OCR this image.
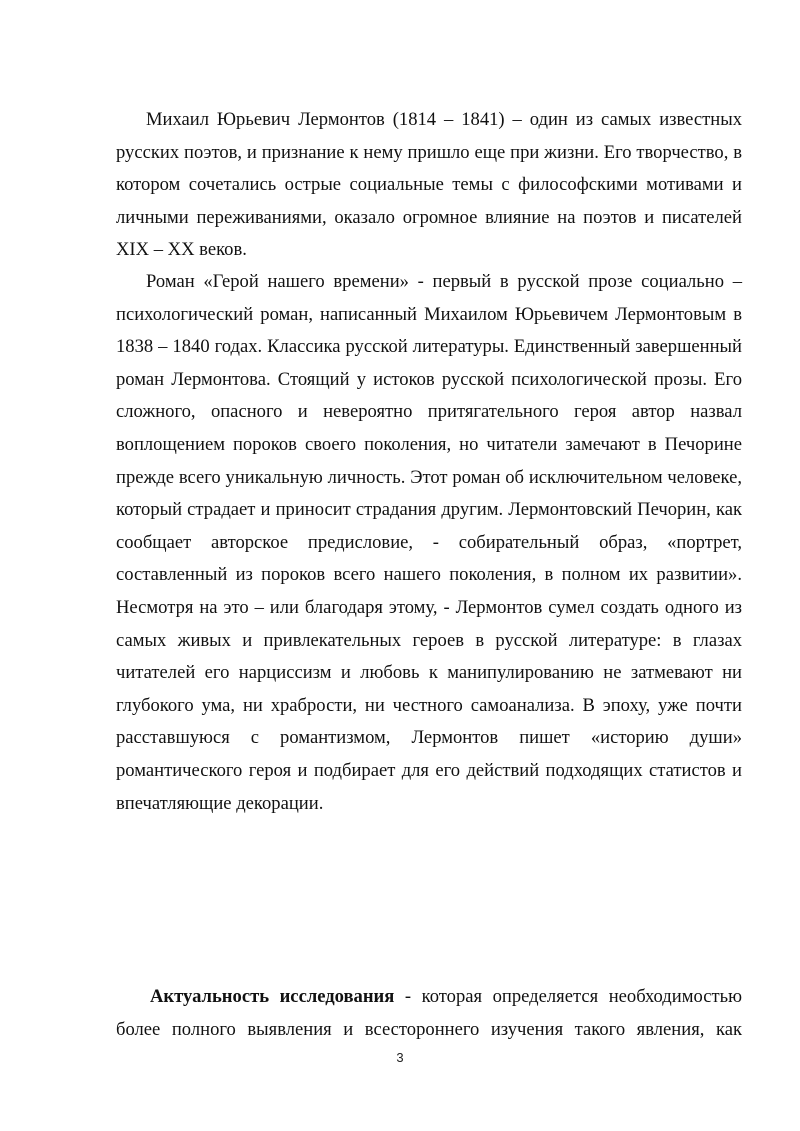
Михаил Юрьевич Лермонтов (1814 – 1841) – один из самых известных
русских поэтов, и признание к нему пришло еще при жизни. Его творчество, в
котором сочетались острые социальные темы с философскими мотивами и
личными переживаниями, оказало огромное влияние на поэтов и писателей
XIX – XX веков.
Роман «Герой нашего времени» - первый в русской прозе социально –
психологический роман, написанный Михаилом Юрьевичем Лермонтовым в
1838 – 1840 годах. Классика русской литературы. Единственный завершенный
роман Лермонтова. Стоящий у истоков русской психологической прозы. Его
сложного, опасного и невероятно притягательного героя автор назвал
воплощением пороков своего поколения, но читатели замечают в Печорине
прежде всего уникальную личность. Этот роман об исключительном человеке,
который страдает и приносит страдания другим. Лермонтовский Печорин, как
сообщает авторское предисловие, - собирательный образ, «портрет,
составленный из пороков всего нашего поколения, в полном их развитии».
Несмотря на это – или благодаря этому, - Лермонтов сумел создать одного из
самых живых и привлекательных героев в русской литературе: в глазах
читателей его нарциссизм и любовь к манипулированию не затмевают ни
глубокого ума, ни храбрости, ни честного самоанализа. В эпоху, уже почти
расставшуюся с романтизмом, Лермонтов пишет «историю души»
романтического героя и подбирает для его действий подходящих статистов и
впечатляющие декорации.
Актуальность исследования - которая определяется необходимостью
более полного выявления и всестороннего изучения такого явления, как
3
